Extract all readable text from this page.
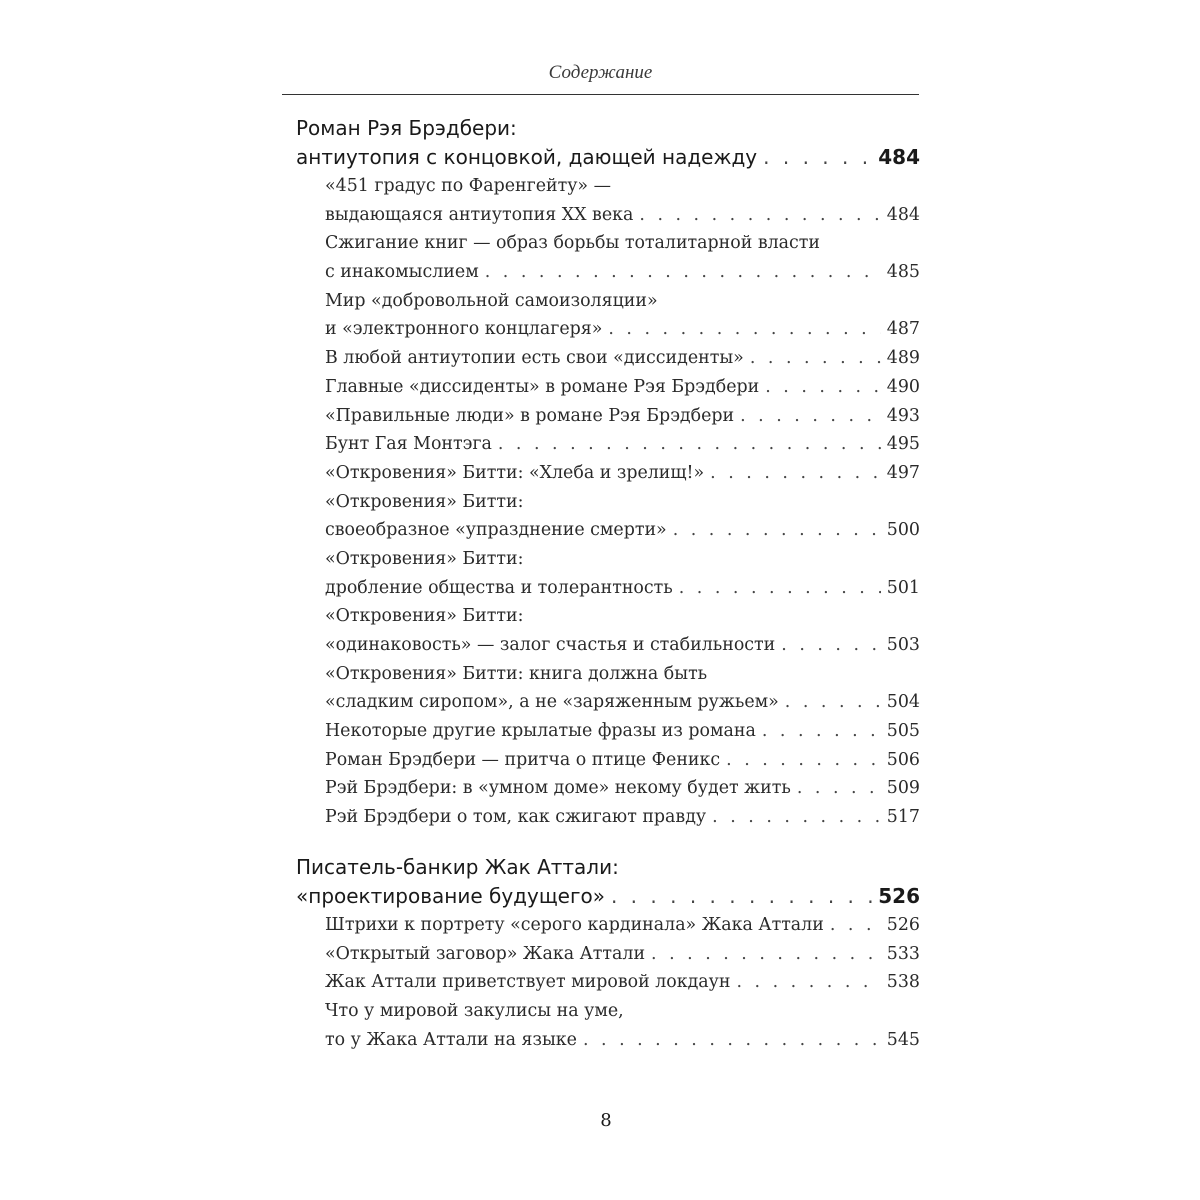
Содержание
Роман Рэя Брэдбери:
антиутопия с концовкой, дающей надежду . . .	484
«451 градус по Фаренгейту» —
выдающаяся антиутопия XX века . . .	484
Сжигание книг — образ борьбы тоталитарной власти
с инакомыслием . . .	485
Мир «добровольной самоизоляции»
и «электронного концлагеря» . . .	487
В любой антиутопии есть свои «диссиденты» . . .	489
Главные «диссиденты» в романе Рэя Брэдбери . . .	490
«Правильные люди» в романе Рэя Брэдбери . . .	493
Бунт Гая Монтэга . . .	495
«Откровения» Битти: «Хлеба и зрелищ!» . . .	497
«Откровения» Битти:
своеобразное «упразднение смерти» . . .	500
«Откровения» Битти:
дробление общества и толерантность . . .	501
«Откровения» Битти:
«одинаковость» — залог счастья и стабильности . . .	503
«Откровения» Битти: книга должна быть
«сладким сиропом», а не «заряженным ружьем» . . .	504
Некоторые другие крылатые фразы из романа . . .	505
Роман Брэдбери — притча о птице Феникс . . .	506
Рэй Брэдбери: в «умном доме» некому будет жить . . .	509
Рэй Брэдбери о том, как сжигают правду . . .	517
Писатель-банкир Жак Аттали:
«проектирование будущего» . . .	526
Штрихи к портрету «серого кардинала» Жака Аттали . . .	526
«Открытый заговор» Жака Аттали . . .	533
Жак Аттали приветствует мировой локдаун . . .	538
Что у мировой закулисы на уме,
то у Жака Аттали на языке . . .	545
8
